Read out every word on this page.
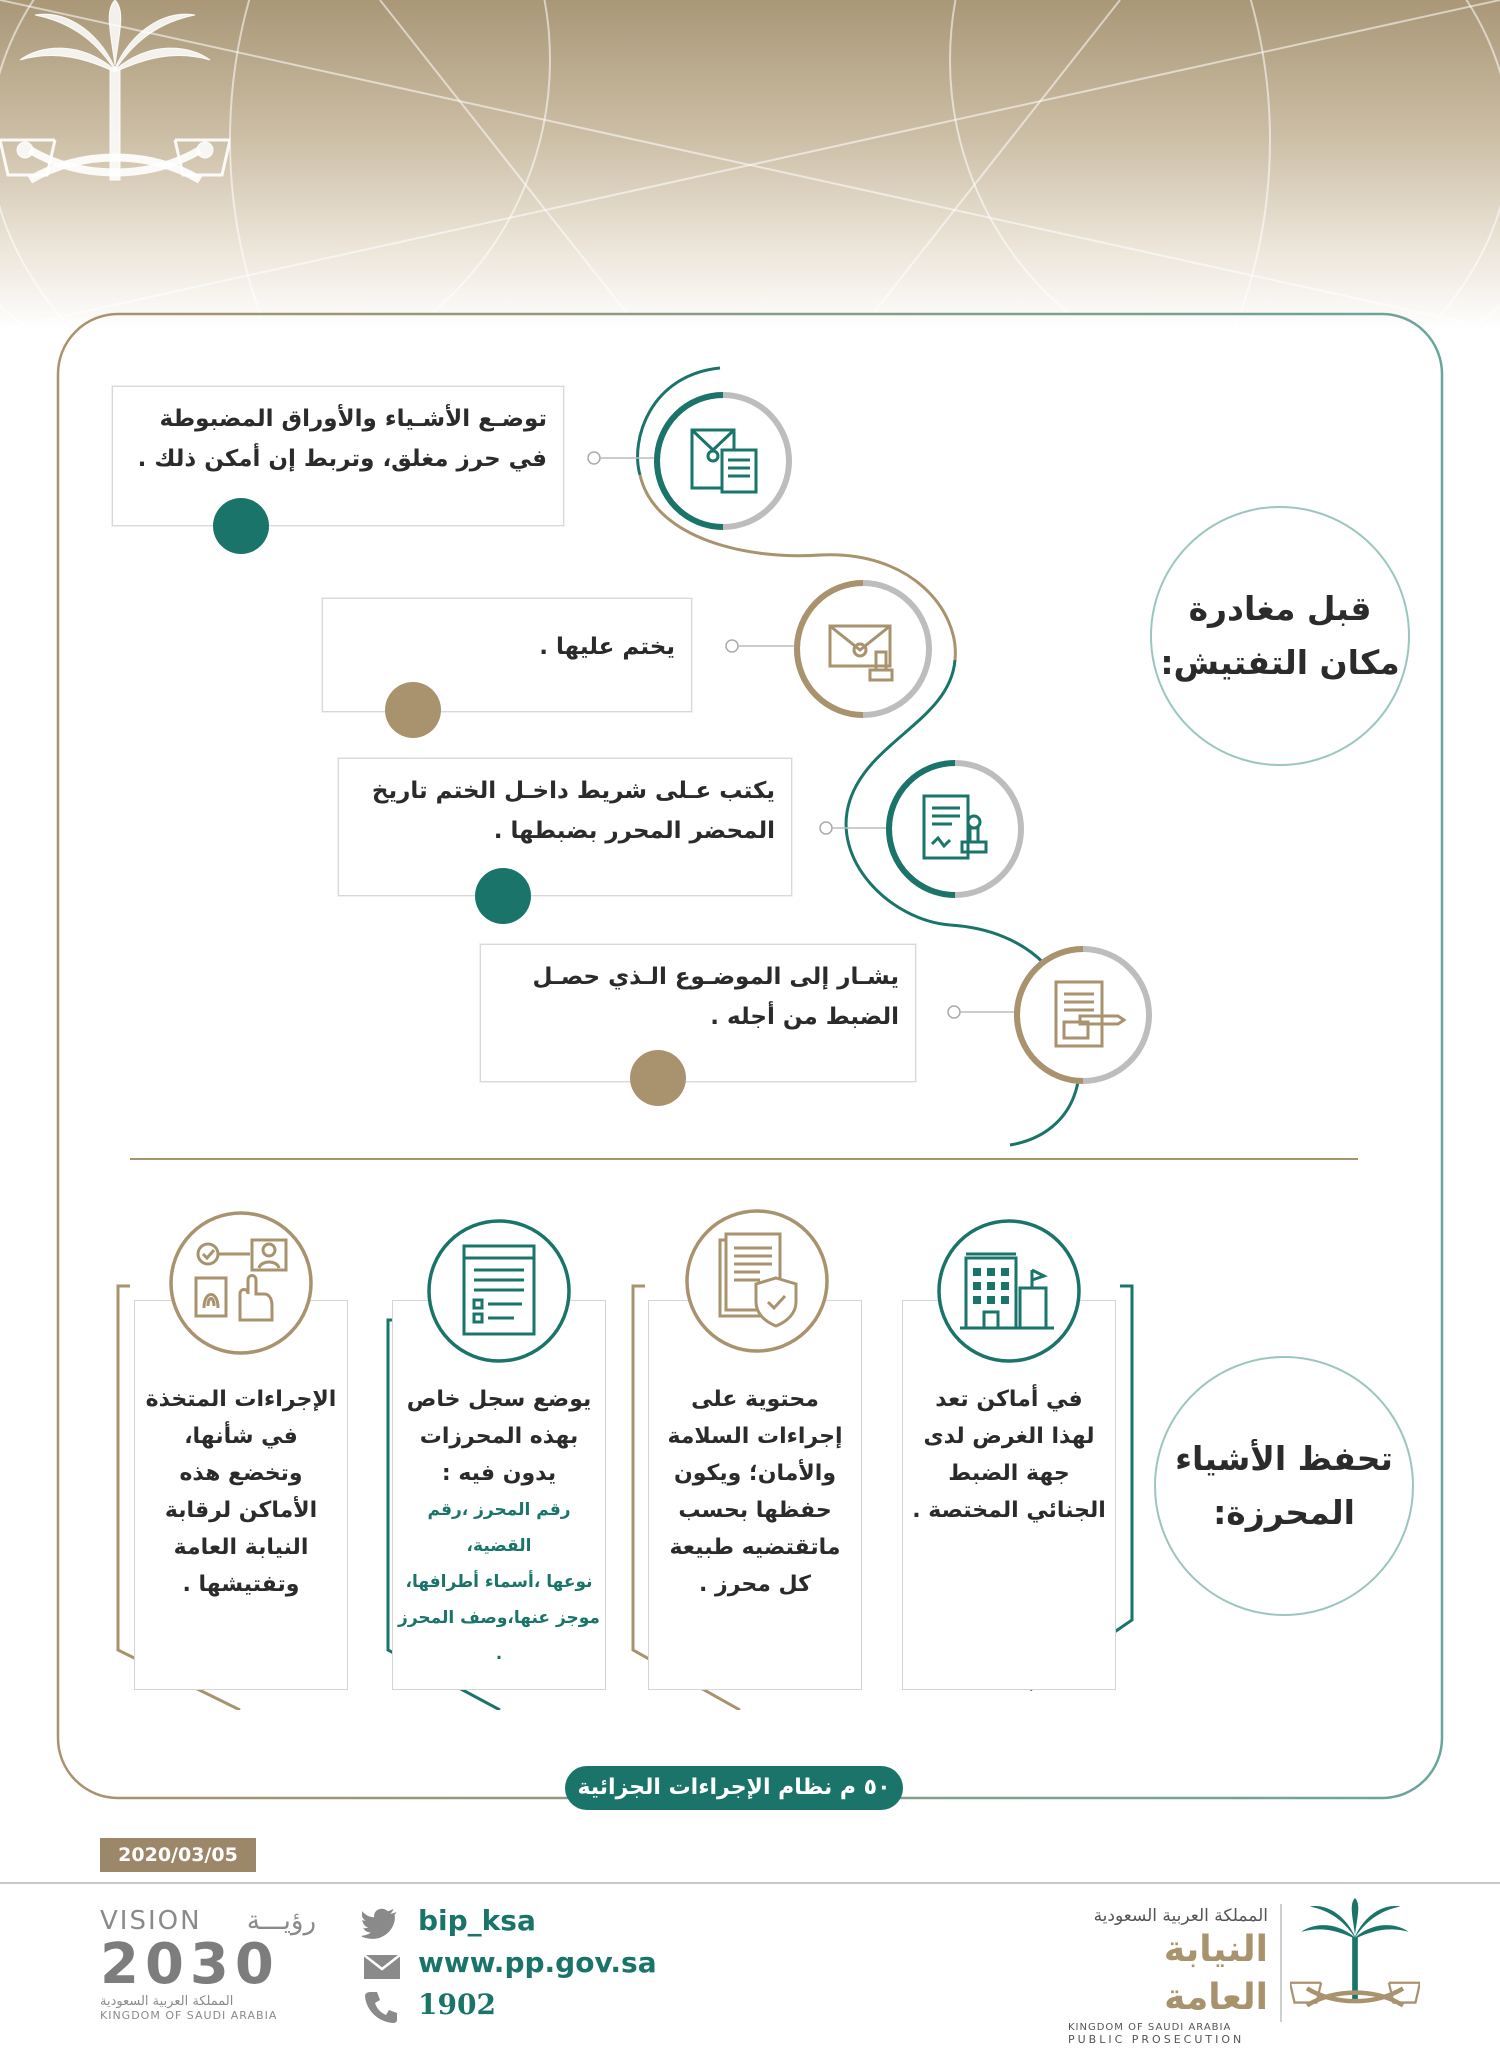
قبل مغادرة
مكان التفتيش:
توضـع الأشـياء والأوراق المضبوطة
في حرز مغلق، وتربط إن أمكن ذلك .
يختم عليها .
يكتب عـلى شريط داخـل الختم تاريخ
المحضر المحرر بضبطها .
يشـار إلى الموضـوع الـذي حصـل
الضبط من أجله .
تحفظ الأشياء
المحرزة:
في أماكن تعد
لهذا الغرض لدى
جهة الضبط
الجنائي المختصة .
محتوية على
إجراءات السلامة
والأمان؛ ويكون
حفظها بحسب
ماتقتضيه طبيعة
كل محرز .
يوضع سجل خاص
بهذه المحرزات
يدون فيه :
رقم المحرز ،رقم القضية،
نوعها ،أسماء أطرافها،
موجز عنها،وصف المحرز .
الإجراءات المتخذة
في شأنها،
وتخضع هذه
الأماكن لرقابة
النيابة العامة
وتفتيشها .
٥٠ م نظام الإجراءات الجزائية
2020/03/05
VISION رؤيـــة
2030
المملكة العربية السعودية
KINGDOM OF SAUDI ARABIA
bip_ksa
www.pp.gov.sa
1902
المملكة العربية السعودية
النيابة العامة
KINGDOM OF SAUDI ARABIA
PUBLIC PROSECUTION
